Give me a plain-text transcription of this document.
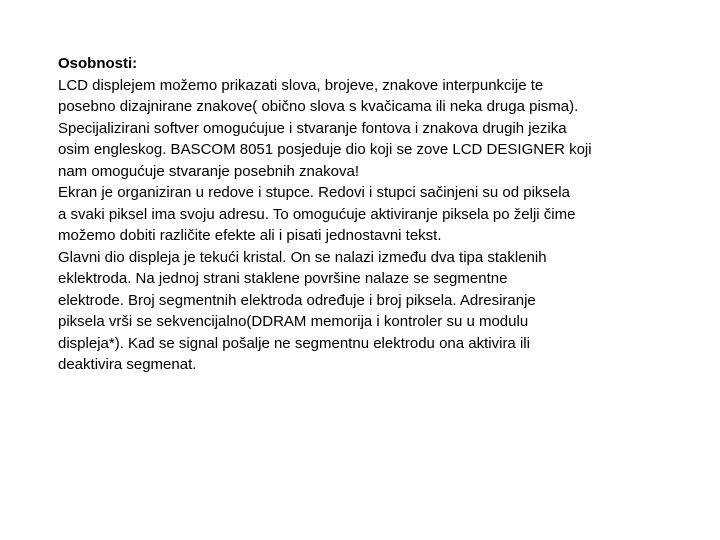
Osobnosti:
LCD displejem možemo prikazati slova, brojeve, znakove interpunkcije te
posebno dizajnirane znakove( obično slova s kvačicama ili neka druga pisma).
Specijalizirani softver omogućujue i stvaranje fontova i znakova drugih jezika
osim engleskog. BASCOM 8051 posjeduje dio koji se zove LCD DESIGNER koji
nam omogućuje stvaranje posebnih znakova!
Ekran je organiziran u redove i stupce. Redovi i stupci sačinjeni su od piksela
a svaki piksel ima svoju adresu. To omogućuje aktiviranje piksela po želji čime
možemo dobiti različite efekte ali i pisati jednostavni tekst.
Glavni dio displeja je tekući kristal. On se nalazi između dva tipa staklenih
eklektroda. Na jednoj strani staklene površine nalaze se segmentne
elektrode. Broj segmentnih elektroda određuje i broj piksela. Adresiranje
piksela vrši se sekvencijalno(DDRAM memorija i kontroler su u modulu
displeja*). Kad se signal pošalje ne segmentnu elektrodu ona aktivira ili
deaktivira segmenat.
